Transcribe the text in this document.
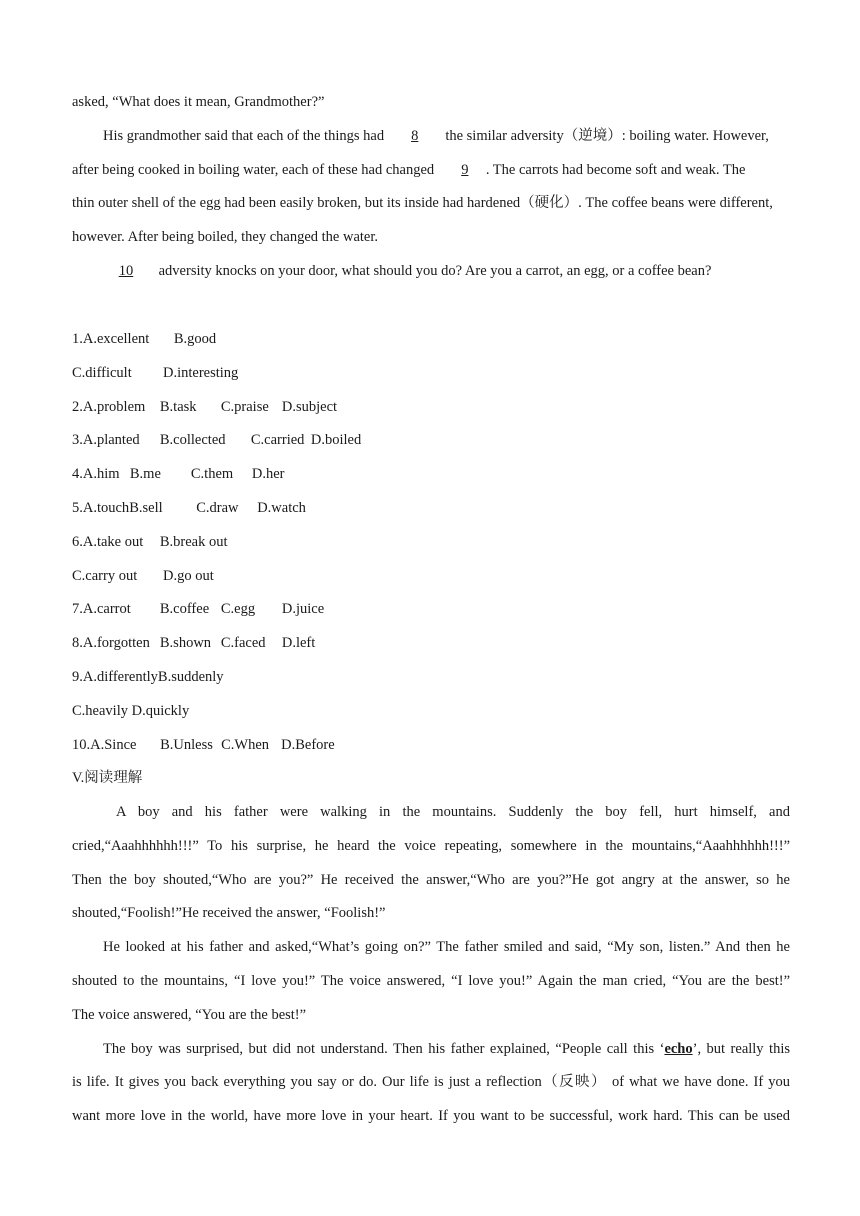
asked, “What does it mean, Grandmother?”
His grandmother said that each of the things had 8 the similar adversity（逆境）: boiling water. However,
after being cooked in boiling water, each of these had changed 9 . The carrots had become soft and weak. The
thin outer shell of the egg had been easily broken, but its inside had hardened（硬化）. The coffee beans were different,
however. After being boiled, they changed the water.
10 adversity knocks on your door, what should you do? Are you a carrot, an egg, or a coffee bean?
1.A.excellent B.good
C.difficult D.interesting
2.A.problem B.task C.praise D.subject
3.A.planted B.collected C.carried D.boiled
4.A.him B.me C.them D.her
5.A.touchB.sell C.draw D.watch
6.A.take out B.break out
C.carry out D.go out
7.A.carrot B.coffee C.egg D.juice
8.A.forgotten B.shown C.faced D.left
9.A.differentlyB.suddenly
C.heavily D.quickly
10.A.Since B.Unless C.When D.Before
V.阅读理解
A boy and his father were walking in the mountains. Suddenly the boy fell, hurt himself, and
cried,“Aaahhhhhh!!!” To his surprise, he heard the voice repeating, somewhere in the mountains,“Aaahhhhhh!!!”
Then the boy shouted,“Who are you?” He received the answer,“Who are you?”He got angry at the answer, so he
shouted,“Foolish!”He received the answer, “Foolish!”
He looked at his father and asked,“What’s going on?” The father smiled and said, “My son, listen.” And then he
shouted to the mountains, “I love you!” The voice answered, “I love you!” Again the man cried, “You are the best!”
The voice answered, “You are the best!”
The boy was surprised, but did not understand. Then his father explained, “People call this ‘echo’, but really this
is life. It gives you back everything you say or do. Our life is just a reflection（反映） of what we have done. If you
want more love in the world, have more love in your heart. If you want to be successful, work hard. This can be used
